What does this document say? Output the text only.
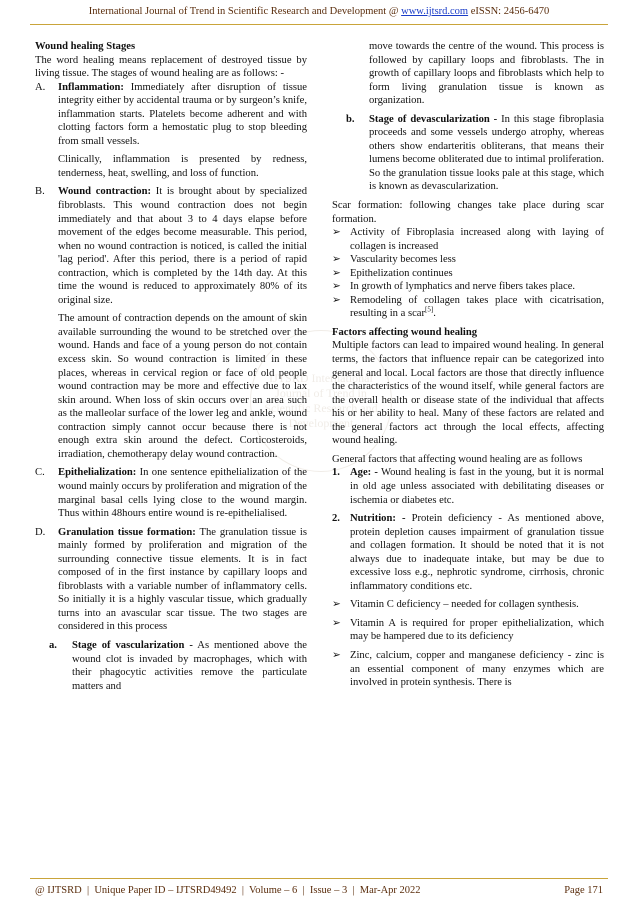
International Journal of Trend in Scientific Research and Development @ www.ijtsrd.com eISSN: 2456-6470
IJTSRD International Journal of Trend in Scientific Research and Development

Wound healing Stages

The word healing means replacement of destroyed tissue by living tissue. The stages of wound healing are as follows: -

A. Inflammation: Immediately after disruption of tissue integrity either by accidental trauma or by surgeon’s knife, inflammation starts. Platelets become adherent and with clotting factors form a hemostatic plug to stop bleeding from small vessels.

Clinically, inflammation is presented by redness, tenderness, heat, swelling, and loss of function.

B. Wound contraction: It is brought about by specialized fibroblasts. This wound contraction does not begin immediately and that about 3 to 4 days elapse before movement of the edges become measurable. This period, when no wound contraction is noticed, is called the initial 'lag period'. After this period, there is a period of rapid contraction, which is completed by the 14th day. At this time the wound is reduced to approximately 80% of its original size.

The amount of contraction depends on the amount of skin available surrounding the wound to be stretched over the wound. Hands and face of a young person do not contain excess skin. So wound contraction is limited in these places, whereas in cervical region or face of old people wound contraction may be more and effective due to lax skin around. When loss of skin occurs over an area such as the malleolar surface of the lower leg and ankle, wound contraction simply cannot occur because there is not enough extra skin around the defect. Corticosteroids, irradiation, chemotherapy delay wound contraction.

C. Epithelialization: In one sentence epithelialization of the wound mainly occurs by proliferation and migration of the marginal basal cells lying close to the wound margin. Thus within 48hours entire wound is re-epithelialised.
D. Granulation tissue formation: The granulation tissue is mainly formed by proliferation and migration of the surrounding connective tissue elements. It is in fact composed of in the first instance by capillary loops and fibroblasts with a variable number of inflammatory cells. So initially it is a highly vascular tissue, which gradually turns into an avascular scar tissue. The two stages are considered in this process
a. Stage of vascularization - As mentioned above the wound clot is invaded by macrophages, which with their phagocytic activities remove the particulate matters and

move towards the centre of the wound. This process is followed by capillary loops and fibroblasts. The in growth of capillary loops and fibroblasts which help to form living granulation tissue is known as organization.

b. Stage of devascularization - In this stage fibroplasia proceeds and some vessels undergo atrophy, whereas others show endarteritis obliterans, that means their lumens become obliterated due to intimal proliferation. So the granulation tissue looks pale at this stage, which is known as devascularization.

Scar formation: following changes take place during scar formation.

➢ Activity of Fibroplasia increased along with laying of collagen is increased
➢ Vascularity becomes less
➢ Epithelization continues
➢ In growth of lymphatics and nerve fibers takes place.
➢ Remodeling of collagen takes place with cicatrisation, resulting in a scar[5].

Factors affecting wound healing

Multiple factors can lead to impaired wound healing. In general terms, the factors that influence repair can be categorized into general and local. Local factors are those that directly influence the characteristics of the wound itself, while general factors are the overall health or disease state of the individual that affects his or her ability to heal. Many of these factors are related and the general factors act through the local effects, affecting wound healing.

General factors that affecting wound healing are as follows

1. Age: - Wound healing is fast in the young, but it is normal in old age unless associated with debilitating diseases or ischemia or diabetes etc.
2. Nutrition: - Protein deficiency - As mentioned above, protein depletion causes impairment of granulation tissue and collagen formation. It should be noted that it is not always due to inadequate intake, but may be due to excessive loss e.g., nephrotic syndrome, cirrhosis, chronic inflammatory conditions etc.
➢ Vitamin C deficiency – needed for collagen synthesis.
➢ Vitamin A is required for proper epithelialization, which may be hampered due to its deficiency
➢ Zinc, calcium, copper and manganese deficiency - zinc is an essential component of many enzymes which are involved in protein synthesis. There is
@ IJTSRD  |  Unique Paper ID – IJTSRD49492  |  Volume – 6  |  Issue – 3  |  Mar-Apr 2022	Page 171
